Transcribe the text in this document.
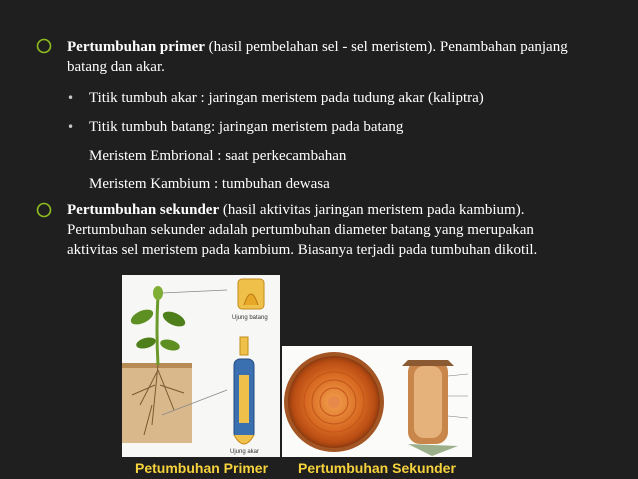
Pertumbuhan primer (hasil pembelahan sel - sel meristem). Penambahan panjang batang dan akar.
• Titik tumbuh akar : jaringan meristem pada tudung akar (kaliptra)
• Titik tumbuh batang: jaringan meristem pada batang
Meristem Embrional : saat perkecambahan
Meristem Kambium : tumbuhan dewasa
Pertumbuhan sekunder (hasil aktivitas jaringan meristem pada kambium). Pertumbuhan sekunder adalah pertumbuhan diameter batang yang merupakan aktivitas sel meristem pada kambium. Biasanya terjadi pada tumbuhan dikotil.
Ujung batang
Ujung akar
Petumbuhan Primer Pertumbuhan Sekunder
